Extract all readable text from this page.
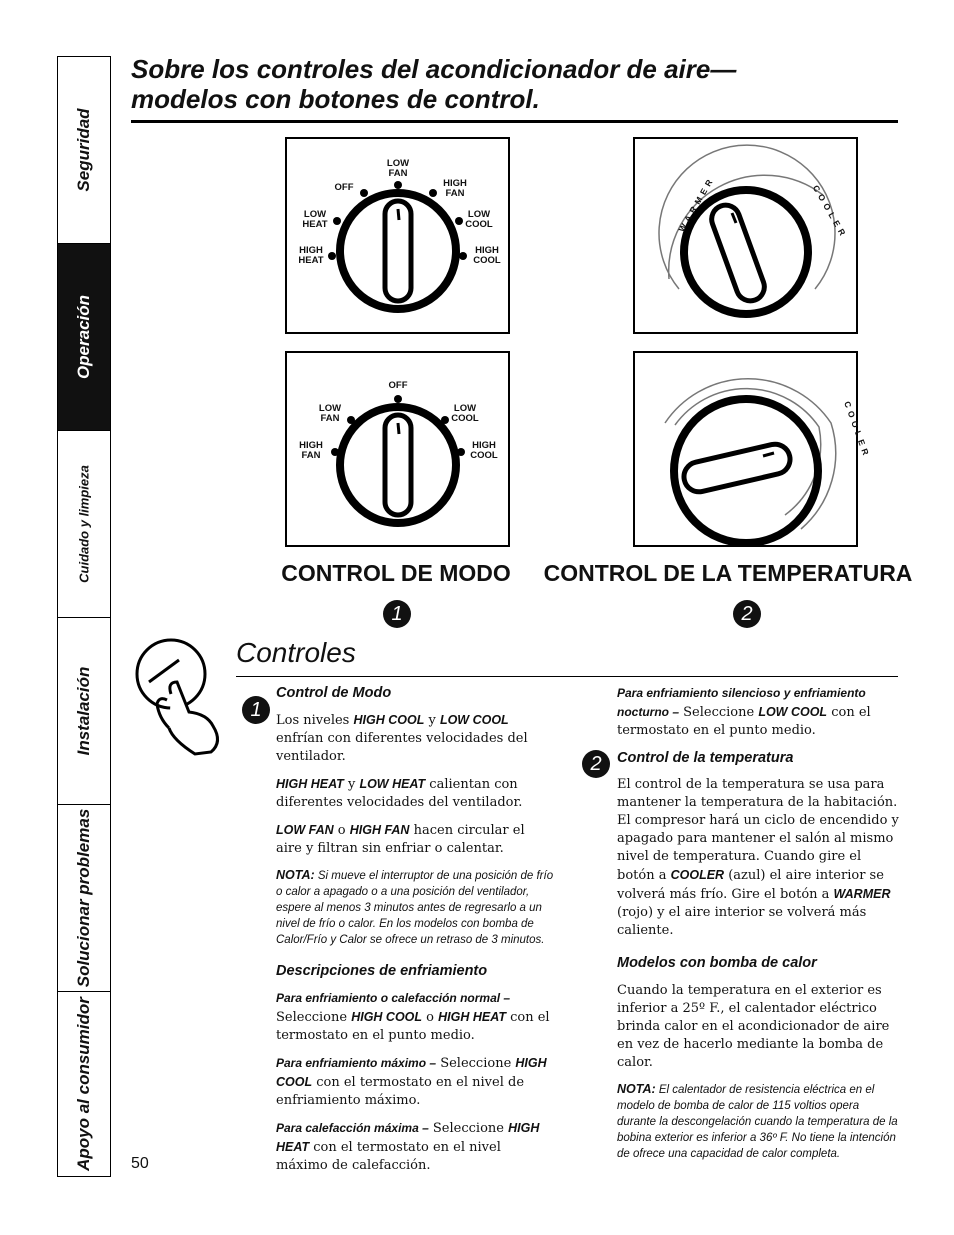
Seguridad
Operación
Cuidado y limpieza
Instalación
Solucionar problemas
Apoyo al consumidor
Sobre los controles del acondicionador de aire—
modelos con botones de control.
LOW
FAN
OFF	HIGH
FAN
LOW
HEAT
LOW
COOL
HIGH
HEAT
HIGH
COOL
WARMER	COOLER
OFF
LOW
FAN
LOW
COOL
HIGH
FAN
HIGH
COOL	COOLER
CONTROL DE MODO CONTROL DE LA TEMPERATURA
1	2
Controles
1

Control de Modo

Los niveles HIGH COOL y LOW COOL enfrían con diferentes velocidades del ventilador.

HIGH HEAT y LOW HEAT calientan con diferentes velocidades del ventilador.

LOW FAN o HIGH FAN hacen circular el aire y filtran sin enfriar o calentar.

NOTA: Si mueve el interruptor de una posición de frío o calor a apagado o a una posición del ventilador, espere al menos 3 minutos antes de regresarlo a un nivel de frío o calor. En los modelos con bomba de Calor/Frío y Calor se ofrece un retraso de 3 minutos.

Descripciones de enfriamiento

Para enfriamiento o calefacción normal – Seleccione HIGH COOL o HIGH HEAT con el termostato en el punto medio.

Para enfriamiento máximo – Seleccione HIGH COOL con el termostato en el nivel de enfriamiento máximo.

Para calefacción máxima – Seleccione HIGH HEAT con el termostato en el nivel máximo de calefacción.

2

Para enfriamiento silencioso y enfriamiento nocturno – Seleccione LOW COOL con el termostato en el punto medio.

Control de la temperatura

El control de la temperatura se usa para mantener la temperatura de la habitación. El compresor hará un ciclo de encendido y apagado para mantener el salón al mismo nivel de temperatura. Cuando gire el botón a COOLER (azul) el aire interior se volverá más frío. Gire el botón a WARMER (rojo) y el aire interior se volverá más caliente.

Modelos con bomba de calor

Cuando la temperatura en el exterior es inferior a 25º F., el calentador eléctrico brinda calor en el acondicionador de aire en vez de hacerlo mediante la bomba de calor.

NOTA: El calentador de resistencia eléctrica en el modelo de bomba de calor de 115 voltios opera durante la descongelación cuando la temperatura de la bobina exterior es inferior a 36º F. No tiene la intención de ofrece una capacidad de calor completa.

50
